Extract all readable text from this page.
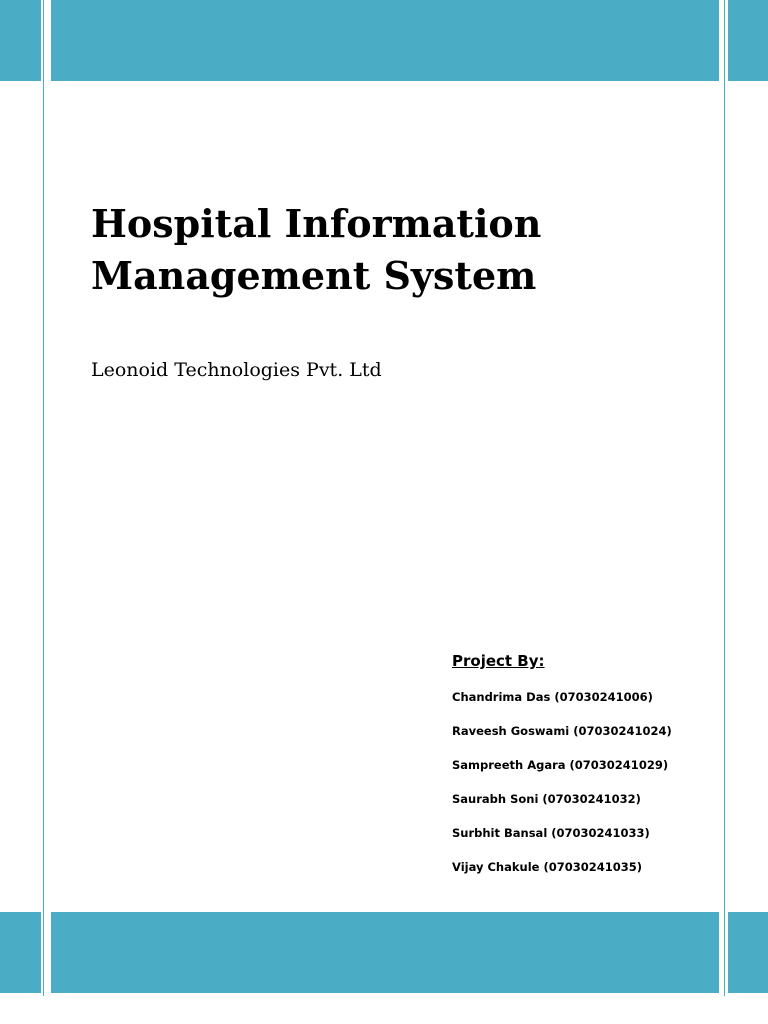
Hospital Information
Management System
Leonoid Technologies Pvt. Ltd
Project By:
Chandrima Das (07030241006)
Raveesh Goswami (07030241024)
Sampreeth Agara (07030241029)
Saurabh Soni (07030241032)
Surbhit Bansal (07030241033)
Vijay Chakule (07030241035)
